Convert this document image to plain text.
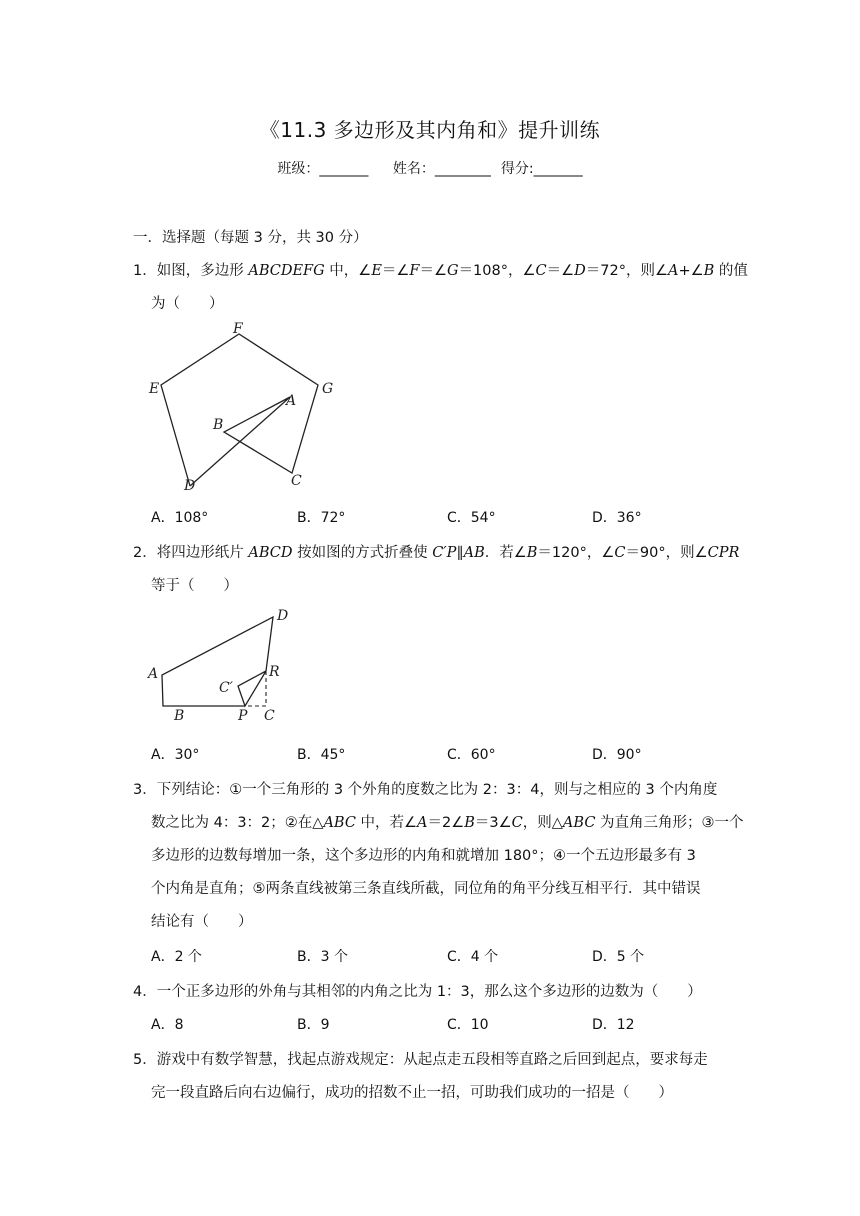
《11.3 多边形及其内角和》提升训练
班级：_______ 姓名：________ 得分:_______
一．选择题（每题 3 分，共 30 分）
1．如图，多边形 ABCDEFG 中，∠E＝∠F＝∠G＝108°，∠C＝∠D＝72°，则∠A+∠B 的值
为（　　）
F
E	G
A
B
D	C
A．108°	B．72°	C．54°	D．36°
2．将四边形纸片 ABCD 按如图的方式折叠使 C′P∥AB．若∠B＝120°，∠C＝90°，则∠CPR
等于（　　）
D
A	R
C′
B	P C
A．30°	B．45°	C．60°	D．90°
3．下列结论：①一个三角形的 3 个外角的度数之比为 2：3：4，则与之相应的 3 个内角度
数之比为 4：3：2；②在△ABC 中，若∠A＝2∠B＝3∠C，则△ABC 为直角三角形；③一个
多边形的边数每增加一条，这个多边形的内角和就增加 180°；④一个五边形最多有 3
个内角是直角；⑤两条直线被第三条直线所截，同位角的角平分线互相平行．其中错误
结论有（　　）
A．2 个	B．3 个	C．4 个	D．5 个
4．一个正多边形的外角与其相邻的内角之比为 1：3，那么这个多边形的边数为（　　）
A．8	B．9	C．10	D．12
5．游戏中有数学智慧，找起点游戏规定：从起点走五段相等直路之后回到起点，要求每走
完一段直路后向右边偏行，成功的招数不止一招，可助我们成功的一招是（　　）
